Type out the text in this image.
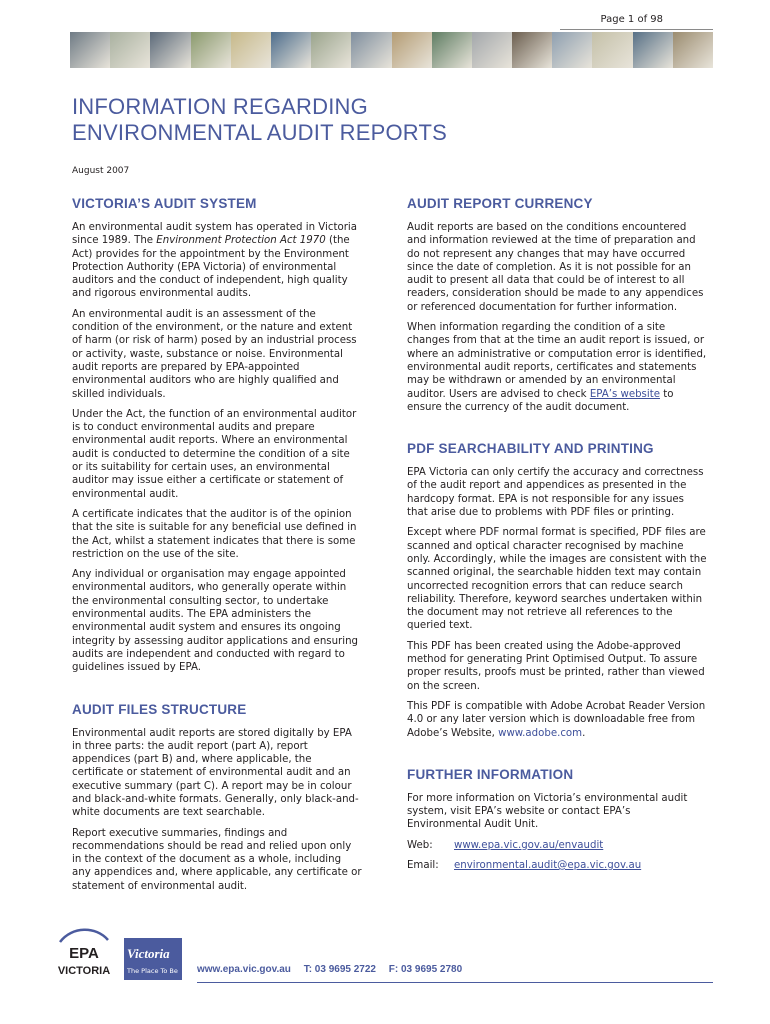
Page 1 of 98
INFORMATION REGARDING
ENVIRONMENTAL AUDIT REPORTS
August 2007
VICTORIA’S AUDIT SYSTEM

An environmental audit system has operated in Victoria since 1989. The Environment Protection Act 1970 (the Act) provides for the appointment by the Environment Protection Authority (EPA Victoria) of environmental auditors and the conduct of independent, high quality and rigorous environmental audits.

An environmental audit is an assessment of the condition of the environment, or the nature and extent of harm (or risk of harm) posed by an industrial process or activity, waste, substance or noise. Environmental audit reports are prepared by EPA-appointed environmental auditors who are highly qualified and skilled individuals.

Under the Act, the function of an environmental auditor is to conduct environmental audits and prepare environmental audit reports. Where an environmental audit is conducted to determine the condition of a site or its suitability for certain uses, an environmental auditor may issue either a certificate or statement of environmental audit.

A certificate indicates that the auditor is of the opinion that the site is suitable for any beneficial use defined in the Act, whilst a statement indicates that there is some restriction on the use of the site.

Any individual or organisation may engage appointed environmental auditors, who generally operate within the environmental consulting sector, to undertake environmental audits. The EPA administers the environmental audit system and ensures its ongoing integrity by assessing auditor applications and ensuring audits are independent and conducted with regard to guidelines issued by EPA.

AUDIT FILES STRUCTURE

Environmental audit reports are stored digitally by EPA in three parts: the audit report (part A), report appendices (part B) and, where applicable, the certificate or statement of environmental audit and an executive summary (part C). A report may be in colour and black-and-white formats. Generally, only black-and-white documents are text searchable.

Report executive summaries, findings and recommendations should be read and relied upon only in the context of the document as a whole, including any appendices and, where applicable, any certificate or statement of environmental audit.

AUDIT REPORT CURRENCY

Audit reports are based on the conditions encountered and information reviewed at the time of preparation and do not represent any changes that may have occurred since the date of completion. As it is not possible for an audit to present all data that could be of interest to all readers, consideration should be made to any appendices or referenced documentation for further information.

When information regarding the condition of a site changes from that at the time an audit report is issued, or where an administrative or computation error is identified, environmental audit reports, certificates and statements may be withdrawn or amended by an environmental auditor. Users are advised to check EPA’s website to ensure the currency of the audit document.

PDF SEARCHABILITY AND PRINTING

EPA Victoria can only certify the accuracy and correctness of the audit report and appendices as presented in the hardcopy format. EPA is not responsible for any issues that arise due to problems with PDF files or printing.

Except where PDF normal format is specified, PDF files are scanned and optical character recognised by machine only. Accordingly, while the images are consistent with the scanned original, the searchable hidden text may contain uncorrected recognition errors that can reduce search reliability. Therefore, keyword searches undertaken within the document may not retrieve all references to the queried text.

This PDF has been created using the Adobe-approved method for generating Print Optimised Output. To assure proper results, proofs must be printed, rather than viewed on the screen.

This PDF is compatible with Adobe Acrobat Reader Version 4.0 or any later version which is downloadable free from Adobe’s Website, www.adobe.com.

FURTHER INFORMATION

For more information on Victoria’s environmental audit system, visit EPA’s website or contact EPA’s Environmental Audit Unit.

Web:	www.epa.vic.gov.au/envaudit
Email:	environmental.audit@epa.vic.gov.au
EPA
VICTORIA
Victoria
The Place To Be www.epa.vic.gov.au T: 03 9695 2722 F: 03 9695 2780
